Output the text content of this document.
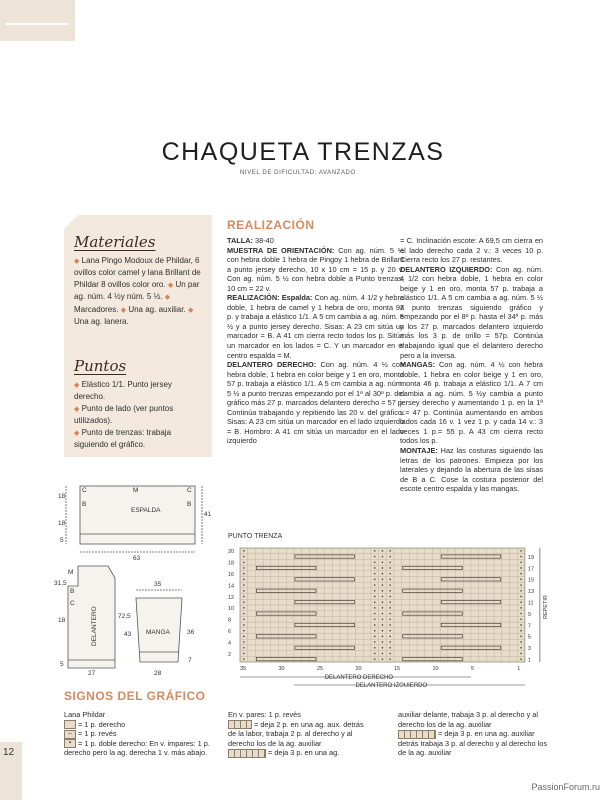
12
CHAQUETA TRENZAS
NIVEL DE DIFICULTAD: AVANZADO
Materiales
◆ Lana Pingo Modoux de Phildar, 6 ovillos color camel y lana Brillant de Phildar 8 ovillos color oro. ◆ Un par ag. núm. 4 ½y núm. 5 ½. ◆ Marcadores. ◆ Una ag. auxiliar. ◆ Una ag. lanera.
Puntos
◆ Elástico 1/1. Punto jersey derecho.
◆ Punto de lado (ver puntos utilizados).
◆ Punto de trenzas: trabaja siguiendo el gráfico.
REALIZACIÓN
TALLA: 38-40
MUESTRA DE ORIENTACIÓN: Con ag. núm. 5 ½ con hebra doble 1 hebra de Pingoy 1 hebra de Brillant a punto jersey derecho, 10 x 10 cm = 15 p. y 20 v. Con ag. núm. 5 ½ con hebra doble a Punto trenzas, 10 cm = 22 v.
REALIZACIÓN: Espalda: Con ag. núm. 4 1/2 y hebra doble, 1 hebra de camel y 1 hebra de oro, monta 97 p. y trabaja a elástico 1/1. A 5 cm cambia a ag. núm. 5 ½ y a punto jersey derecho. Sisas: A 23 cm sitúa un marcador = B. A 41 cm cierra recto todos los p. Sitúa un marcador en los lados = C. Y un marcador en el centro espalda = M.
DELANTERO DERECHO: Con ag. núm. 4 ½ con hebra doble, 1 hebra en color beige y 1 en oro, monta 57 p. trabaja a elástico 1/1. A 5 cm cambia a ag. núm. 5 ½ a punto trenzas empezando por el 1º al 30º p. del gráfico más 27 p. marcados delantero derecho = 57 p. Continúa trabajando y repitiendo las 20 v. del gráfico. Sisas: A 23 cm sitúa un marcador en el lado izquierdo = B. Hombro: A 41 cm sitúa un marcador en el lado izquierdo
= C. Inclinación escote: A 69,5 cm cierra en el lado derecho cada 2 v.: 3 veces 10 p. Cierra recto los 27 p. restantes.
DELANTERO IZQUIERDO: Con ag. núm. 4 1/2 con hebra doble, 1 hebra en color beige y 1 en oro, monta 57 p. trabaja a elástico 1/1. A 5 cm cambia a ag. núm. 5 ½ a punto trenzas siguiendo gráfico y empezando por el 8º p. hasta el 34ª p. más y los 27 p. marcados delantero izquierdo más los 3 p. de orillo = 57p. Continúa trabajando igual que el delantero derecho pero a la inversa.
MANGAS: Con ag. núm. 4 ½ con hebra doble, 1 hebra en color beige y 1 en oro, monta 46 p. trabaja a elástico 1/1. A 7 cm cambia a ag. núm. 5 ½y cambia a punto jersey derecho y aumentando 1 p. en la 1ª v.= 47 p. Continúa aumentando en ambos lados cada 16 v. 1 vez 1 p. y cada 14 v.: 3 veces 1 p.= 55 p. A 43 cm cierra recto todos los p.
MONTAJE: Haz las costuras siguiendo las letras de los patrones. Empieza por los laterales y dejando la abertura de las sisas de B a C. Cose la costura posterior del escote centro espalda y las mangas.
ESPALDA
C	M	C
B	B
18
18
5
41
63
DELANTERO
M
B
C
31,5
72,5
18
5
27
MANGA
35
43	36
7
28
PUNTO TRENZA
20
18
16
14
12
10
8
6
4
2
19
17
15
13
11
9
7
5
3
1
REPETIR
35	30	25	20	15	10	5	1
DELANTERO DERECHO
DELANTERO IZQUIERDO
SIGNOS DEL GRÁFICO
Lana Phildar
= 1 p. derecho
– = 1 p. revés
▪ = 1 p. doble derecho: En v. impares: 1 p. derecho pero la ag. derecha 1 v. más abajo.
En v. pares: 1 p. revés
= deja 2 p. en una ag. aux. detrás de la labor, trabaja 2 p. al derecho y al derecho los de la ag. auxiliar
= deja 3 p. en una ag.
auxiliar delante, trabaja 3 p. al derecho y al derecho los de la ag. auxiliar
= deja 3 p. en una ag. auxiliar detrás trabaja 3 p. al derecho y al derecho los de la ag. auxiliar
PassionForum.ru
